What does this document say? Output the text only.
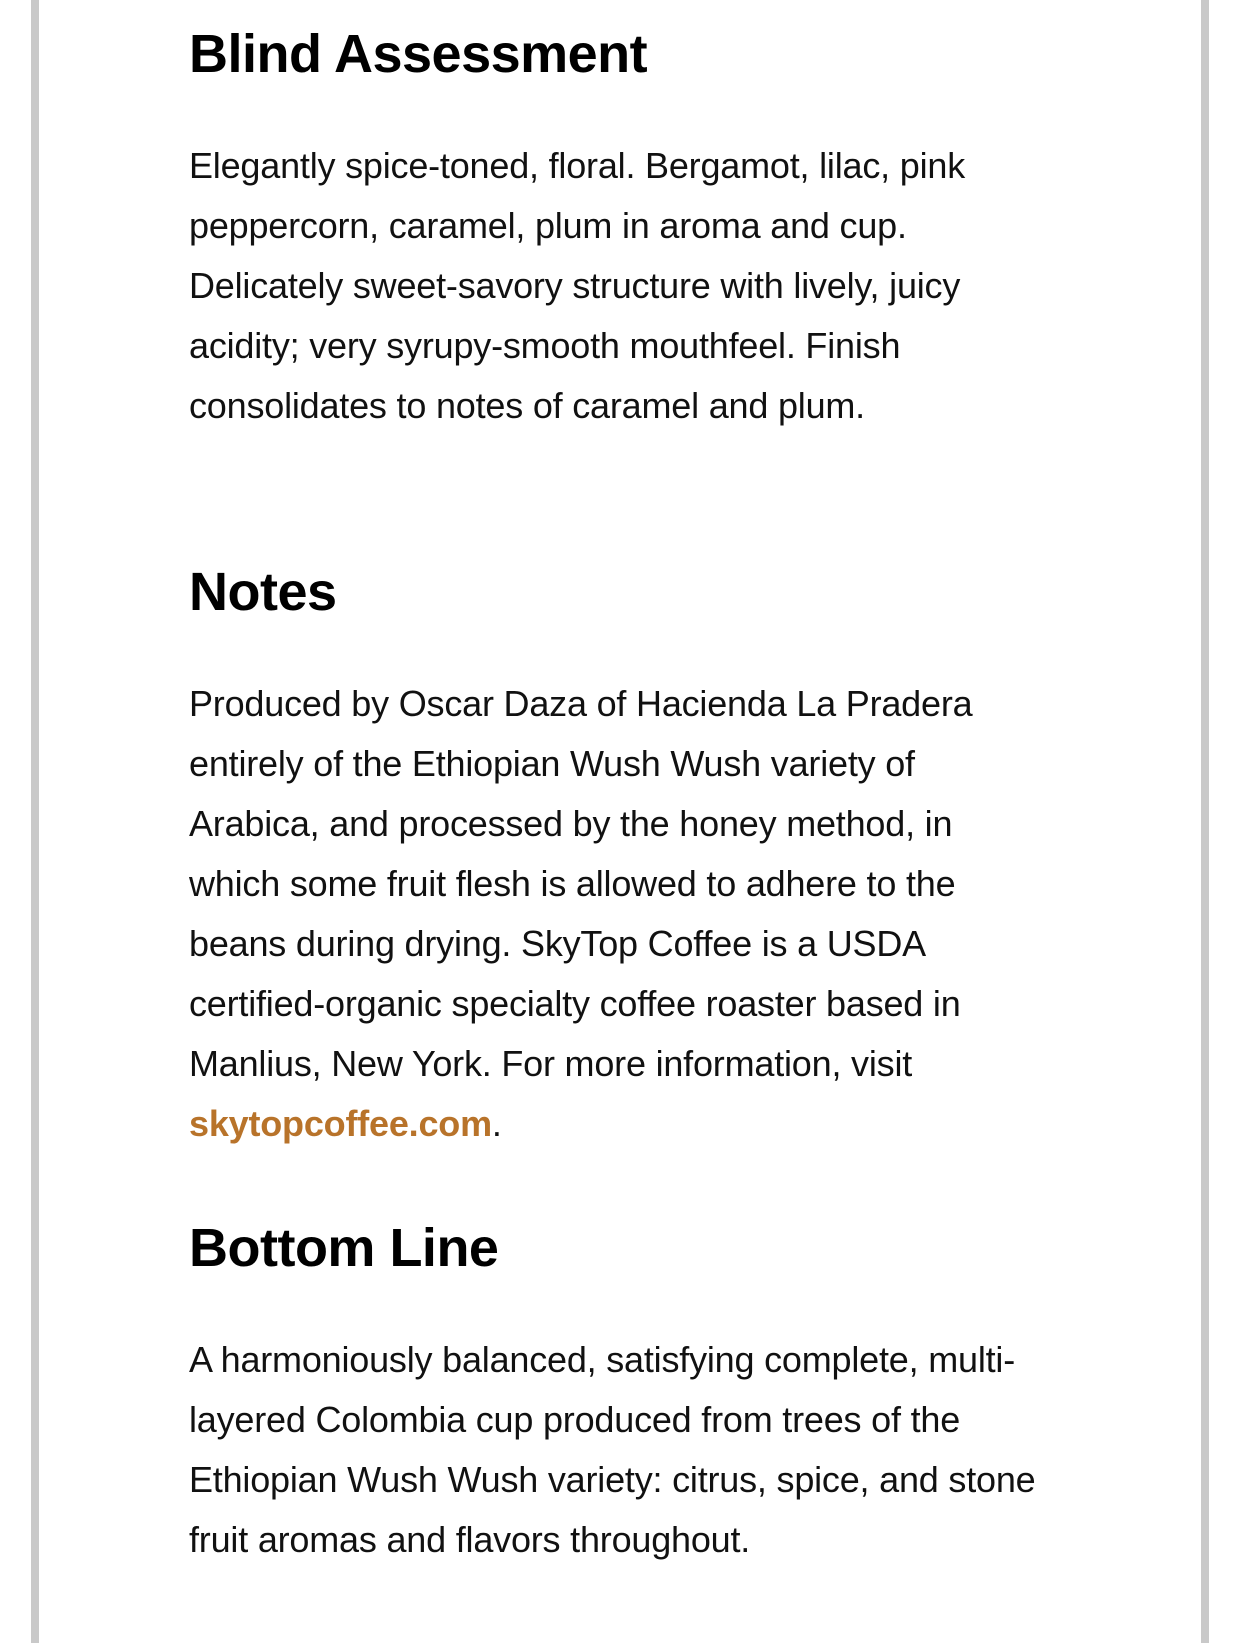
Blind Assessment

Elegantly spice-toned, floral. Bergamot, lilac, pink peppercorn, caramel, plum in aroma and cup. Delicately sweet-savory structure with lively, juicy acidity; very syrupy-smooth mouthfeel. Finish consolidates to notes of caramel and plum.

Notes

Produced by Oscar Daza of Hacienda La Pradera entirely of the Ethiopian Wush Wush variety of Arabica, and processed by the honey method, in which some fruit flesh is allowed to adhere to the beans during drying. SkyTop Coffee is a USDA certified-organic specialty coffee roaster based in Manlius, New York. For more information, visit skytopcoffee.com.

Bottom Line

A harmoniously balanced, satisfying complete, multi-layered Colombia cup produced from trees of the Ethiopian Wush Wush variety: citrus, spice, and stone fruit aromas and flavors throughout.
